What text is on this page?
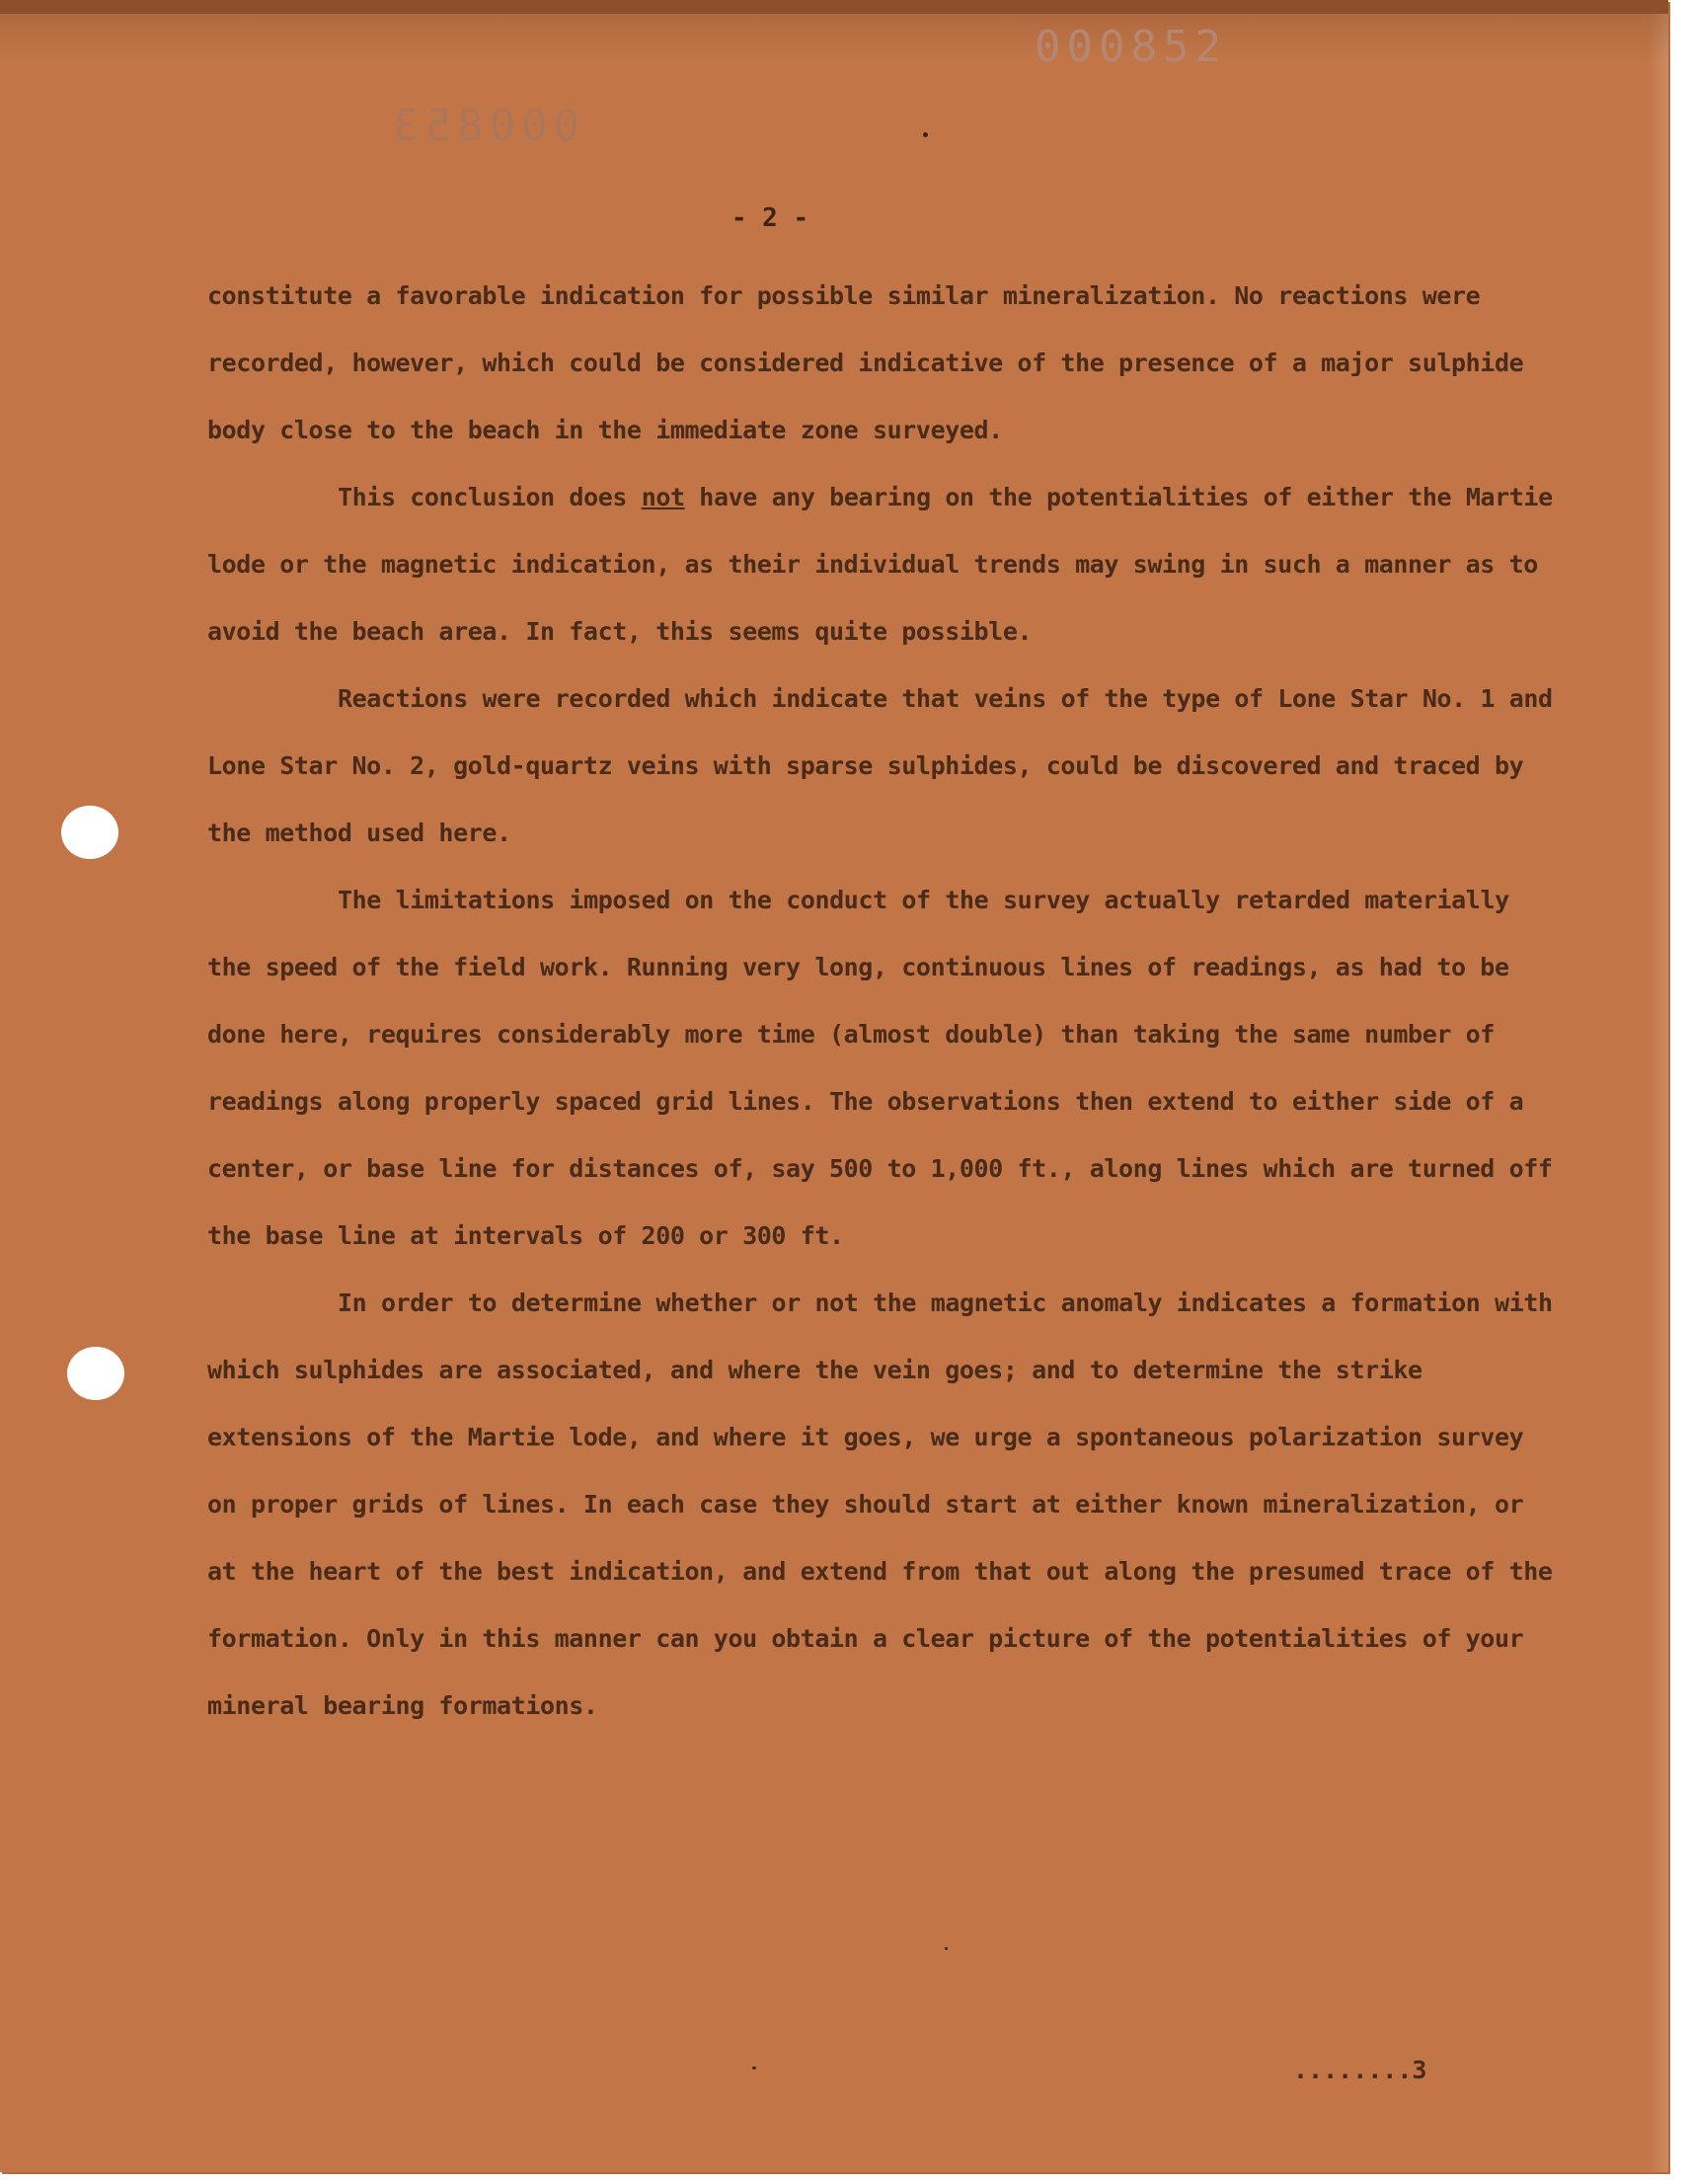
000852
000853
- 2 -

constitute a favorable indication for possible similar mineralization. No reactions were recorded, however, which could be considered indicative of the presence of a major sulphide body close to the beach in the immediate zone surveyed.

This conclusion does not have any bearing on the potentialities of either the Martie lode or the magnetic indication, as their individual trends may swing in such a manner as to avoid the beach area. In fact, this seems quite possible.

Reactions were recorded which indicate that veins of the type of Lone Star No. 1 and Lone Star No. 2, gold-quartz veins with sparse sulphides, could be discovered and traced by the method used here.

The limitations imposed on the conduct of the survey actually retarded materially the speed of the field work. Running very long, continuous lines of readings, as had to be done here, requires considerably more time (almost double) than taking the same number of readings along properly spaced grid lines. The observations then extend to either side of a center, or base line for distances of, say 500 to 1,000 ft., along lines which are turned off the base line at intervals of 200 or 300 ft.

In order to determine whether or not the magnetic anomaly indicates a formation with which sulphides are associated, and where the vein goes; and to determine the strike extensions of the Martie lode, and where it goes, we urge a spontaneous polarization survey on proper grids of lines. In each case they should start at either known mineralization, or at the heart of the best indication, and extend from that out along the presumed trace of the formation. Only in this manner can you obtain a clear picture of the potentialities of your mineral bearing formations.

........3
